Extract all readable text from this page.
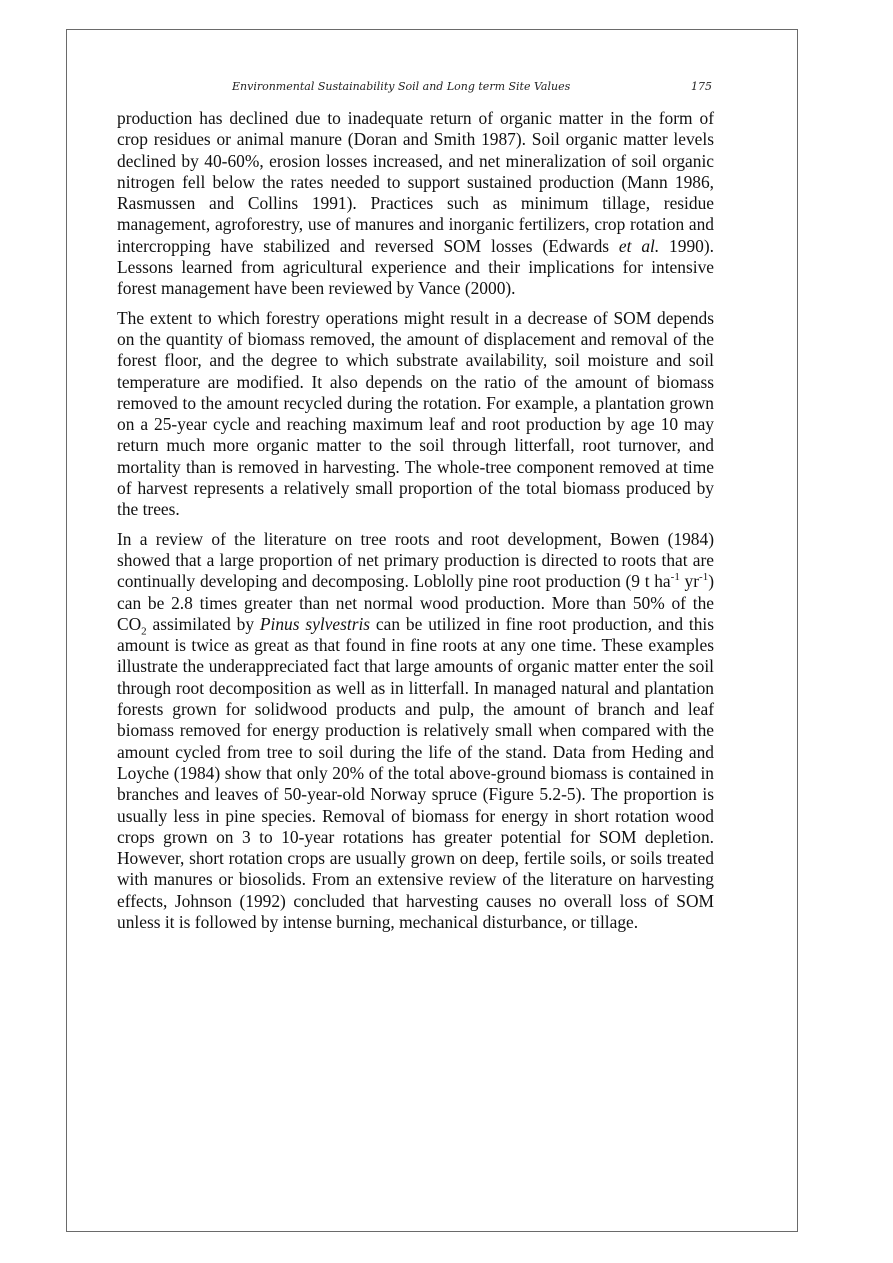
Environmental Sustainability Soil and Long term Site Values	175

production has declined due to inadequate return of organic matter in the form of crop residues or animal manure (Doran and Smith 1987). Soil organic matter levels declined by 40-60%, erosion losses increased, and net mineralization of soil organic nitrogen fell below the rates needed to support sustained production (Mann 1986, Rasmussen and Collins 1991). Practices such as minimum tillage, residue management, agroforestry, use of manures and inorganic fertilizers, crop rotation and intercropping have stabilized and reversed SOM losses (Edwards et al. 1990). Lessons learned from agricultural experience and their implications for intensive forest management have been reviewed by Vance (2000).

The extent to which forestry operations might result in a decrease of SOM depends on the quantity of biomass removed, the amount of displacement and removal of the forest floor, and the degree to which substrate availability, soil moisture and soil temperature are modified. It also depends on the ratio of the amount of biomass removed to the amount recycled during the rotation. For example, a plantation grown on a 25-year cycle and reaching maximum leaf and root production by age 10 may return much more organic matter to the soil through litterfall, root turnover, and mortality than is removed in harvesting. The whole-tree component removed at time of harvest represents a relatively small proportion of the total biomass produced by the trees.

In a review of the literature on tree roots and root development, Bowen (1984) showed that a large proportion of net primary production is directed to roots that are continually developing and decomposing. Loblolly pine root production (9 t $ha^{-1}$ $yr^{-1}$) can be 2.8 times greater than net normal wood production. More than 50% of the $CO_2$ assimilated by Pinus sylvestris can be utilized in fine root production, and this amount is twice as great as that found in fine roots at any one time. These examples illustrate the underappreciated fact that large amounts of organic matter enter the soil through root decomposition as well as in litterfall. In managed natural and plantation forests grown for solidwood products and pulp, the amount of branch and leaf biomass removed for energy production is relatively small when compared with the amount cycled from tree to soil during the life of the stand. Data from Heding and Loyche (1984) show that only 20% of the total above-ground biomass is contained in branches and leaves of 50-year-old Norway spruce (Figure 5.2-5). The proportion is usually less in pine species. Removal of biomass for energy in short rotation wood crops grown on 3 to 10-year rotations has greater potential for SOM depletion. However, short rotation crops are usually grown on deep, fertile soils, or soils treated with manures or biosolids. From an extensive review of the literature on harvesting effects, Johnson (1992) concluded that harvesting causes no overall loss of SOM unless it is followed by intense burning, mechanical disturbance, or tillage.
